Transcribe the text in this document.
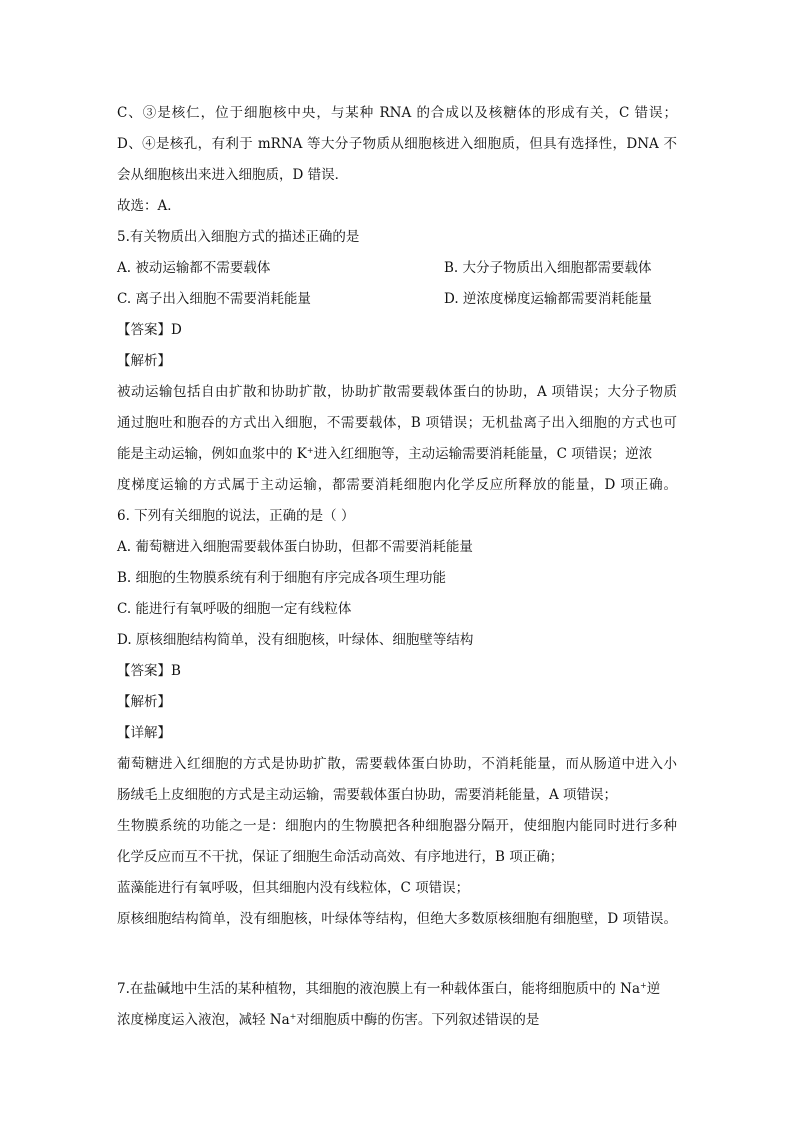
C、③是核仁，位于细胞核中央，与某种 RNA 的合成以及核糖体的形成有关，C 错误；
D、④是核孔，有利于 mRNA 等大分子物质从细胞核进入细胞质，但具有选择性，DNA 不
会从细胞核出来进入细胞质，D 错误．
故选：A．
5.有关物质出入细胞方式的描述正确的是
A. 被动运输都不需要载体	B. 大分子物质出入细胞都需要载体
C. 离子出入细胞不需要消耗能量	D. 逆浓度梯度运输都需要消耗能量
【答案】D
【解析】
被动运输包括自由扩散和协助扩散，协助扩散需要载体蛋白的协助，A 项错误；大分子物质
通过胞吐和胞吞的方式出入细胞，不需要载体，B 项错误；无机盐离子出入细胞的方式也可
能是主动运输，例如血浆中的 K+进入红细胞等，主动运输需要消耗能量，C 项错误；逆浓
度梯度运输的方式属于主动运输，都需要消耗细胞内化学反应所释放的能量，D 项正确。
6. 下列有关细胞的说法，正确的是（ ）
A. 葡萄糖进入细胞需要载体蛋白协助，但都不需要消耗能量
B. 细胞的生物膜系统有利于细胞有序完成各项生理功能
C. 能进行有氧呼吸的细胞一定有线粒体
D. 原核细胞结构简单，没有细胞核，叶绿体、细胞壁等结构
【答案】B
【解析】
【详解】
葡萄糖进入红细胞的方式是协助扩散，需要载体蛋白协助，不消耗能量，而从肠道中进入小
肠绒毛上皮细胞的方式是主动运输，需要载体蛋白协助，需要消耗能量，A 项错误；
生物膜系统的功能之一是：细胞内的生物膜把各种细胞器分隔开，使细胞内能同时进行多种
化学反应而互不干扰，保证了细胞生命活动高效、有序地进行，B 项正确；
蓝藻能进行有氧呼吸，但其细胞内没有线粒体，C 项错误；
原核细胞结构简单，没有细胞核，叶绿体等结构，但绝大多数原核细胞有细胞壁，D 项错误。
7.在盐碱地中生活的某种植物，其细胞的液泡膜上有一种载体蛋白，能将细胞质中的 Na+逆
浓度梯度运入液泡，减轻 Na+对细胞质中酶的伤害。下列叙述错误的是
